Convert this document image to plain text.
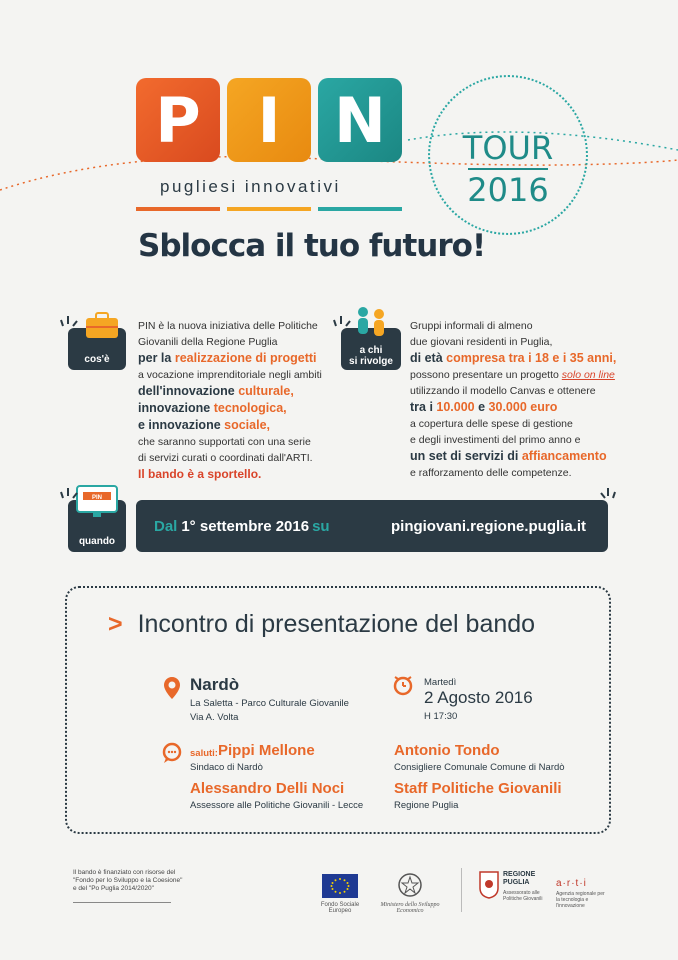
P I N
pugliesi innovativi
Sblocca il tuo futuro!
TOUR
2016
cos'è
PIN è la nuova iniziativa delle Politiche
Giovanili della Regione Puglia
per la realizzazione di progetti
a vocazione imprenditoriale negli ambiti
dell'innovazione culturale,
innovazione tecnologica,
e innovazione sociale,
che saranno supportati con una serie
di servizi curati o coordinati dall'ARTI.
Il bando è a sportello.
a chi
si rivolge
Gruppi informali di almeno
due giovani residenti in Puglia,
di età compresa tra i 18 e i 35 anni,
possono presentare un progetto solo on line
utilizzando il modello Canvas e ottenere
tra i 10.000 e 30.000 euro
a copertura delle spese di gestione
e degli investimenti del primo anno e
un set di servizi di affiancamento
e rafforzamento delle competenze.
PIN
quando
Dal 1° settembre 2016 su	pingiovani.regione.puglia.it
> Incontro di presentazione del bando
Nardò
La Saletta - Parco Culturale Giovanile
Via A. Volta
Martedì
2 Agosto 2016
H 17:30
saluti: Pippi Mellone
Sindaco di Nardò
Antonio Tondo
Consigliere Comunale Comune di Nardò
Alessandro Delli Noci
Assessore alle Politiche Giovanili - Lecce
Staff Politiche Giovanili
Regione Puglia
Il bando è finanziato con risorse del "Fondo per lo Sviluppo e la Coesione" e del "Po Puglia 2014/2020"
Fondo Sociale Europeo
Ministero dello Sviluppo Economico
REGIONE
PUGLIA
Assessorato alle Politiche Giovanili
a·r·t·i
Agenzia regionale per la tecnologia e l'innovazione
